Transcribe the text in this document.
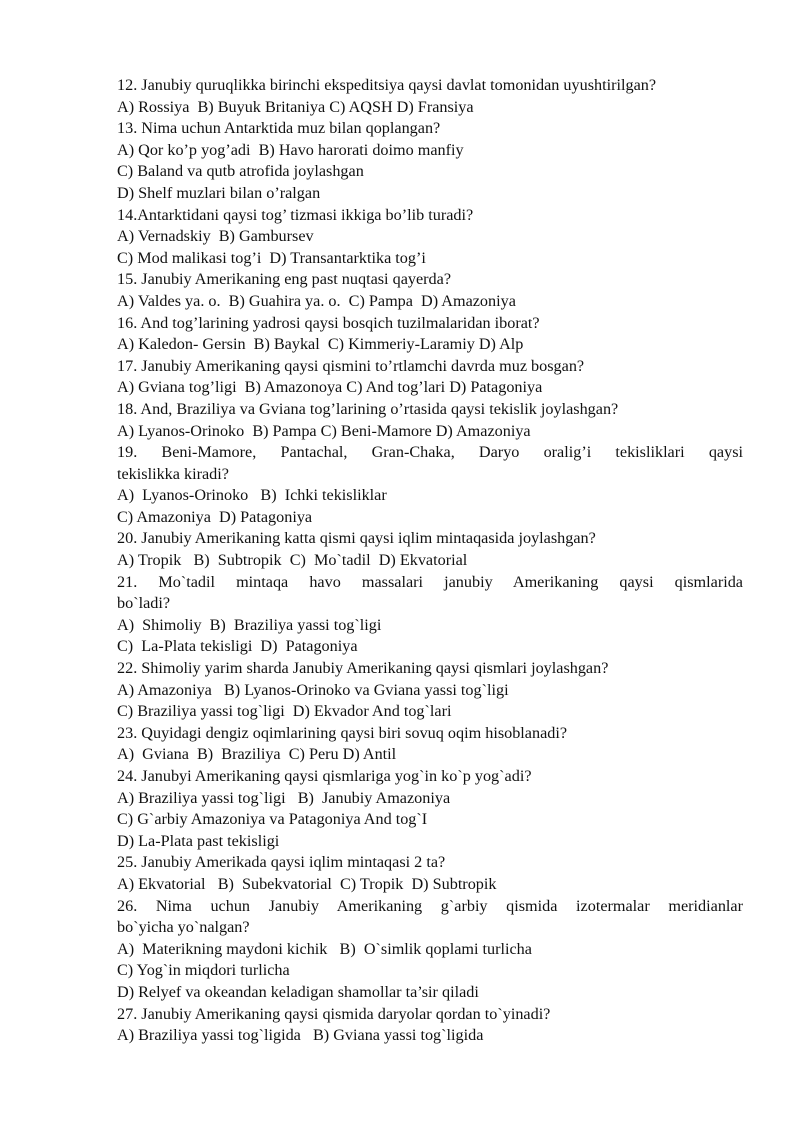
12. Janubiy quruqlikka birinchi ekspeditsiya qaysi davlat tomonidan uyushtirilgan?
A) Rossiya  B) Buyuk Britaniya C) AQSH D) Fransiya
13. Nima uchun Antarktida muz bilan qoplangan?
A) Qor ko’p yog’adi  B) Havo harorati doimo manfiy
C) Baland va qutb atrofida joylashgan
D) Shelf muzlari bilan o’ralgan
14.Antarktidani qaysi tog’ tizmasi ikkiga bo’lib turadi?
A) Vernadskiy  B) Gambursev
C) Mod malikasi tog’i  D) Transantarktika tog’i
15. Janubiy Amerikaning eng past nuqtasi qayerda?
A) Valdes ya. o.  B) Guahira ya. o.  C) Pampa  D) Amazoniya
16. And tog’larining yadrosi qaysi bosqich tuzilmalaridan iborat?
A) Kaledon- Gersin  B) Baykal  C) Kimmeriy-Laramiy D) Alp
17. Janubiy Amerikaning qaysi qismini to’rtlamchi davrda muz bosgan?
A) Gviana tog’ligi  B) Amazonoya C) And tog’lari D) Patagoniya
18. And, Braziliya va Gviana tog’larining o’rtasida qaysi tekislik joylashgan?
A) Lyanos-Orinoko  B) Pampa C) Beni-Mamore D) Amazoniya
19. Beni-Mamore, Pantachal, Gran-Chaka, Daryo oralig’i tekisliklari qaysi
tekislikka kiradi?
A)  Lyanos-Orinoko   B)  Ichki tekisliklar
C) Amazoniya  D) Patagoniya
20. Janubiy Amerikaning katta qismi qaysi iqlim mintaqasida joylashgan?
A) Tropik   B)  Subtropik  C)  Mo`tadil  D) Ekvatorial
21. Mo`tadil mintaqa havo massalari janubiy Amerikaning qaysi qismlarida
bo`ladi?
A)  Shimoliy  B)  Braziliya yassi tog`ligi
C)  La-Plata tekisligi  D)  Patagoniya
22. Shimoliy yarim sharda Janubiy Amerikaning qaysi qismlari joylashgan?
A) Amazoniya   B) Lyanos-Orinoko va Gviana yassi tog`ligi
C) Braziliya yassi tog`ligi  D) Ekvador And tog`lari
23. Quyidagi dengiz oqimlarining qaysi biri sovuq oqim hisoblanadi?
A)  Gviana  B)  Braziliya  C) Peru D) Antil
24. Janubyi Amerikaning qaysi qismlariga yog`in ko`p yog`adi?
A) Braziliya yassi tog`ligi   B)  Janubiy Amazoniya
C) G`arbiy Amazoniya va Patagoniya And tog`I
D) La-Plata past tekisligi
25. Janubiy Amerikada qaysi iqlim mintaqasi 2 ta?
A) Ekvatorial   B)  Subekvatorial  C) Tropik  D) Subtropik
26. Nima uchun Janubiy Amerikaning g`arbiy qismida izotermalar meridianlar
bo`yicha yo`nalgan?
A)  Materikning maydoni kichik   B)  O`simlik qoplami turlicha
C) Yog`in miqdori turlicha
D) Relyef va okeandan keladigan shamollar ta’sir qiladi
27. Janubiy Amerikaning qaysi qismida daryolar qordan to`yinadi?
A) Braziliya yassi tog`ligida   B) Gviana yassi tog`ligida
